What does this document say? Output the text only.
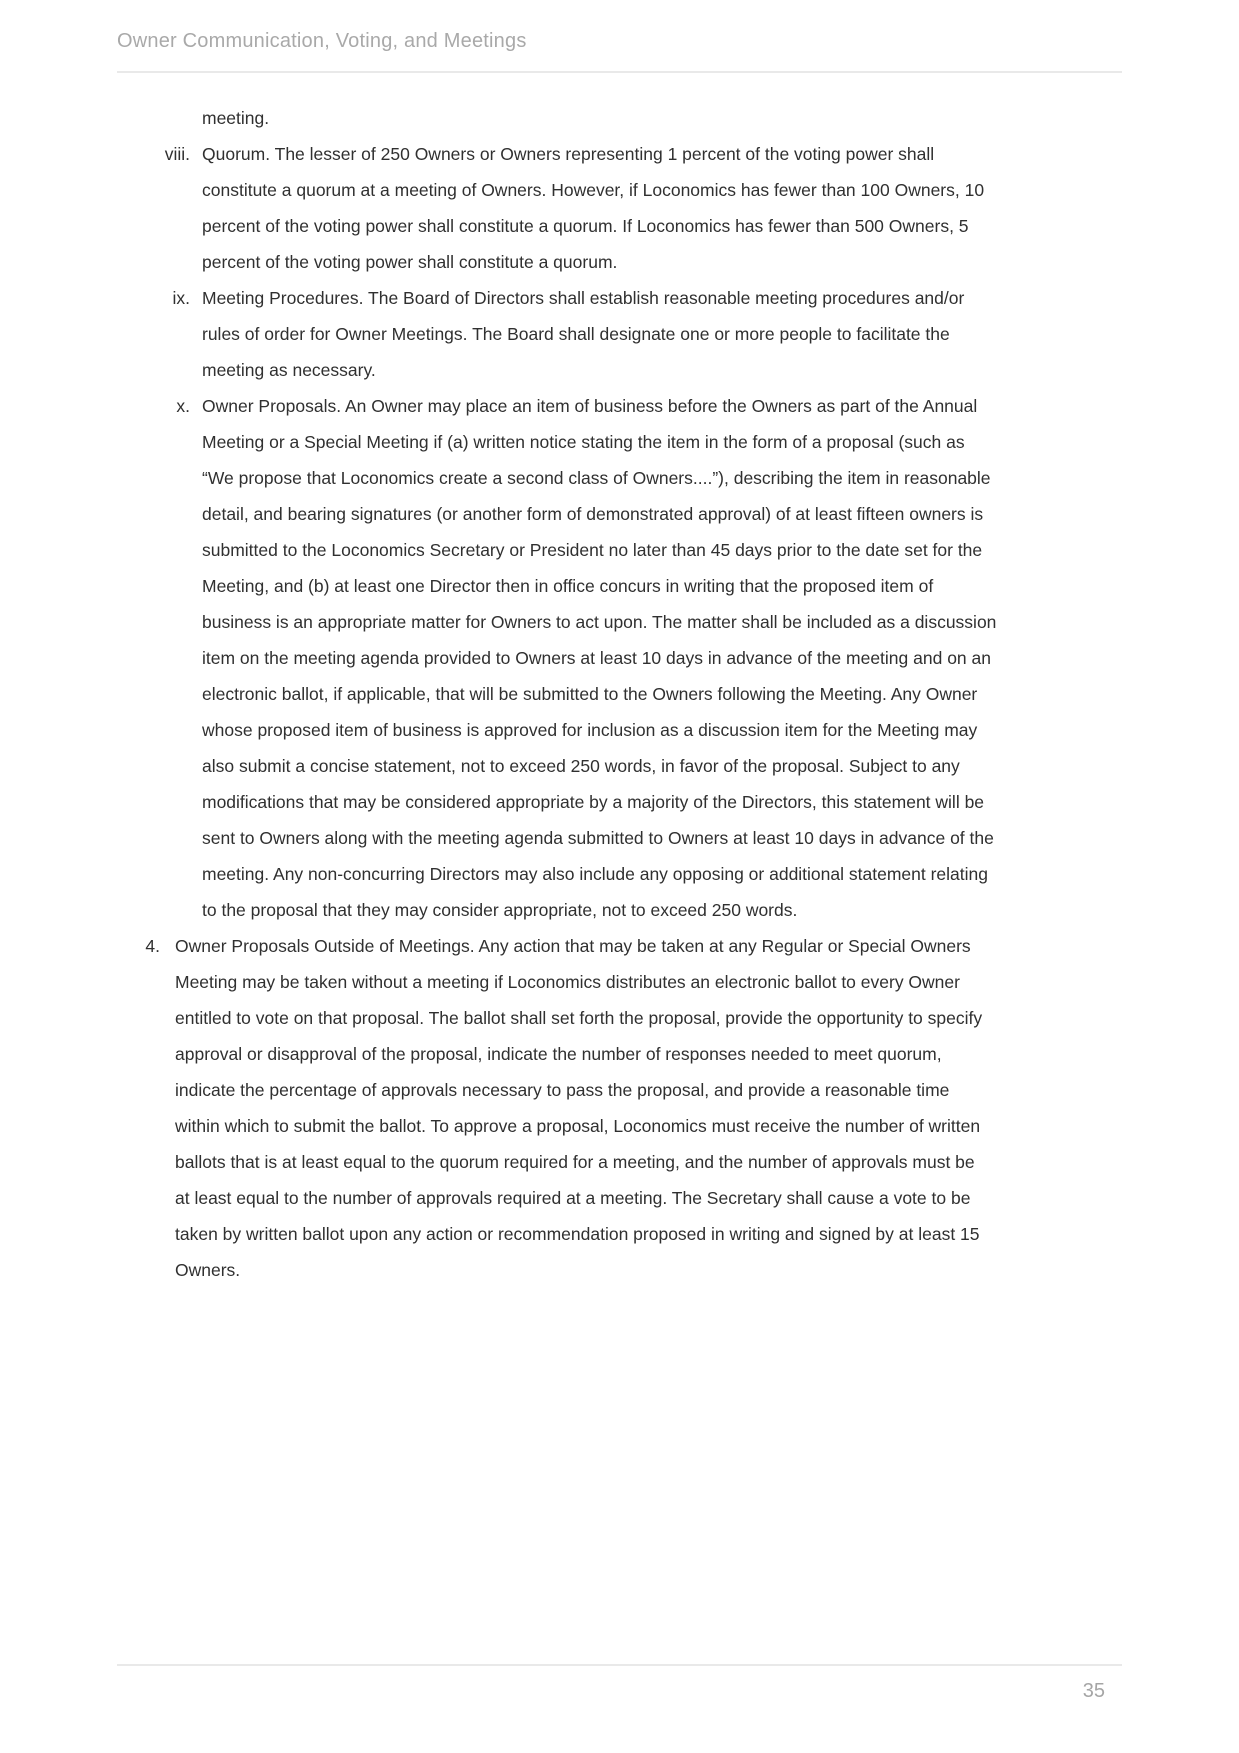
Owner Communication, Voting, and Meetings
meeting.
viii. Quorum. The lesser of 250 Owners or Owners representing 1 percent of the voting power shall constitute a quorum at a meeting of Owners. However, if Loconomics has fewer than 100 Owners, 10 percent of the voting power shall constitute a quorum. If Loconomics has fewer than 500 Owners, 5 percent of the voting power shall constitute a quorum.
ix. Meeting Procedures. The Board of Directors shall establish reasonable meeting procedures and/or rules of order for Owner Meetings. The Board shall designate one or more people to facilitate the meeting as necessary.
x. Owner Proposals. An Owner may place an item of business before the Owners as part of the Annual Meeting or a Special Meeting if (a) written notice stating the item in the form of a proposal (such as “We propose that Loconomics create a second class of Owners....”), describing the item in reasonable detail, and bearing signatures (or another form of demonstrated approval) of at least fifteen owners is submitted to the Loconomics Secretary or President no later than 45 days prior to the date set for the Meeting, and (b) at least one Director then in office concurs in writing that the proposed item of business is an appropriate matter for Owners to act upon. The matter shall be included as a discussion item on the meeting agenda provided to Owners at least 10 days in advance of the meeting and on an electronic ballot, if applicable, that will be submitted to the Owners following the Meeting. Any Owner whose proposed item of business is approved for inclusion as a discussion item for the Meeting may also submit a concise statement, not to exceed 250 words, in favor of the proposal. Subject to any modifications that may be considered appropriate by a majority of the Directors, this statement will be sent to Owners along with the meeting agenda submitted to Owners at least 10 days in advance of the meeting. Any non-concurring Directors may also include any opposing or additional statement relating to the proposal that they may consider appropriate, not to exceed 250 words.
4. Owner Proposals Outside of Meetings. Any action that may be taken at any Regular or Special Owners Meeting may be taken without a meeting if Loconomics distributes an electronic ballot to every Owner entitled to vote on that proposal. The ballot shall set forth the proposal, provide the opportunity to specify approval or disapproval of the proposal, indicate the number of responses needed to meet quorum, indicate the percentage of approvals necessary to pass the proposal, and provide a reasonable time within which to submit the ballot. To approve a proposal, Loconomics must receive the number of written ballots that is at least equal to the quorum required for a meeting, and the number of approvals must be at least equal to the number of approvals required at a meeting. The Secretary shall cause a vote to be taken by written ballot upon any action or recommendation proposed in writing and signed by at least 15 Owners.
35
